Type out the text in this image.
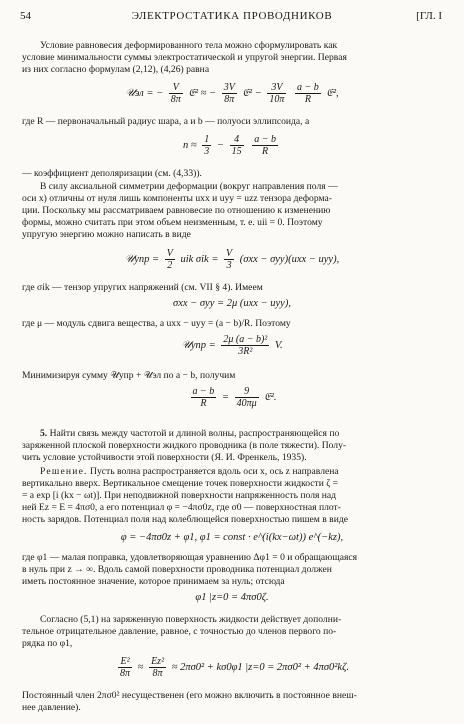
ЭЛЕКТРОСТАТИКА ПРОВОДНИКОВ
54	[ГЛ. I
Условие равновесия деформированного тела можно сформулировать как
условие минимальности суммы электростатической и упругой энергии. Первая
из них согласно формулам (2,12), (4,26) равна
𝒰эл = − $\frac{V}{8\pi}$ 𝔈² ≈ − $\frac{3V}{8\pi}$ 𝔈² − $\frac{3V}{10\pi}$
$\frac{a - b}{R}$ 𝔈²,
где R — первоначальный радиус шара, a и b — полуоси эллипсоида, а
$n \approx \frac{1}{3} - \frac{4}{15}$
$\frac{a - b}{R}$
— коэффициент деполяризации (см. (4,33)).
В силу аксиальной симметрии деформации (вокруг направления поля —
оси x) отличны от нуля лишь компоненты uxx и uyy = uzz тензора деформа-
ции. Поскольку мы рассматриваем равновесие по отношению к изменению
формы, можно считать при этом объем неизменным, т. е. uii = 0. Поэтому
упругую энергию можно написать в виде
𝒰упр = $\frac{V}{2}$ uik $\sigma ik = \frac{V}{3} (\sigma xx - \sigma yy)(uxx - uyy)$,
где σik — тензор упругих напряжений (см. VII § 4). Имеем
σxx − σyy = 2μ (uxx − uyy),
где μ — модуль сдвига вещества, а uxx − uyy = (a − b)/R. Поэтому
𝒰упр = $\frac{\text{2μ (a − b)²}}{\text{3R²}} V$.
Минимизируя сумму 𝒰упр + 𝒰эл по a − b, получим
$\frac{a - b}{R} = \frac{9}{40\pi\mu}$ 𝔈².
5. Найти связь между частотой и длиной волны, распространяющейся по
заряженной плоской поверхности жидкого проводника (в поле тяжести). Полу-
чить условие устойчивости этой поверхности (Я. И. Френкель, 1935).
Решение. Пусть волна распространяется вдоль оси x, ось z направлена
вертикально вверх. Вертикальное смещение точек поверхности жидкости ζ =
= a exp [i (kx − ωt)]. При неподвижной поверхности напряженность поля над
ней Ez = E = 4πσ0, а его потенциал φ = −4πσ0z, где σ0 — поверхностная плот-
ность зарядов. Потенциал поля над колеблющейся поверхностью пишем в виде
φ = −4πσ0z + φ1, φ1 = const · e^(i(kx−ωt)) e^(−kz),
где φ1 — малая поправка, удовлетворяющая уравнению Δφ1 = 0 и обращающаяся
в нуль при z → ∞. Вдоль самой поверхности проводника потенциал должен
иметь постоянное значение, которое принимаем за нуль; отсюда
φ1 |z=0 = 4πσ0ζ.
Согласно (5,1) на заряженную поверхность жидкости действует дополни-
тельное отрицательное давление, равное, с точностью до членов первого по-
рядка по φ1,
$\frac{\text{E²}}{8\pi} \approx \frac{\text{Ez²}}{8\pi} \approx 2\pi\sigma 0^2 + k\sigma 0\varphi 1$ |z=0 = 2πσ0² + 4πσ0²kζ.
Постоянный член 2πσ0² несущественен (его можно включить в постоянное внеш-
нее давление).
